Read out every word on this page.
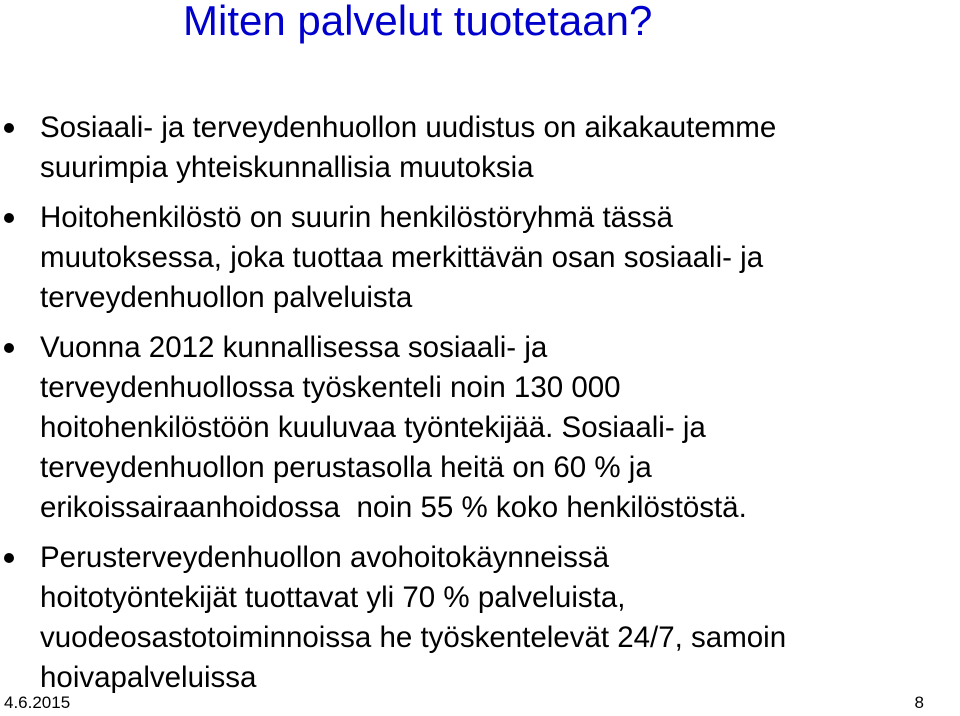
Miten palvelut tuotetaan?
Sosiaali- ja terveydenhuollon uudistus on aikakautemme
suurimpia yhteiskunnallisia muutoksia
Hoitohenkilöstö on suurin henkilöstöryhmä tässä
muutoksessa, joka tuottaa merkittävän osan sosiaali- ja
terveydenhuollon palveluista
Vuonna 2012 kunnallisessa sosiaali- ja
terveydenhuollossa työskenteli noin 130 000
hoitohenkilöstöön kuuluvaa työntekijää. Sosiaali- ja
terveydenhuollon perustasolla heitä on 60 % ja
erikoissairaanhoidossa  noin 55 % koko henkilöstöstä.
Perusterveydenhuollon avohoitokäynneissä
hoitotyöntekijät tuottavat yli 70 % palveluista,
vuodeosastotoiminnoissa he työskentelevät 24/7, samoin
hoivapalveluissa
4.6.2015	8
